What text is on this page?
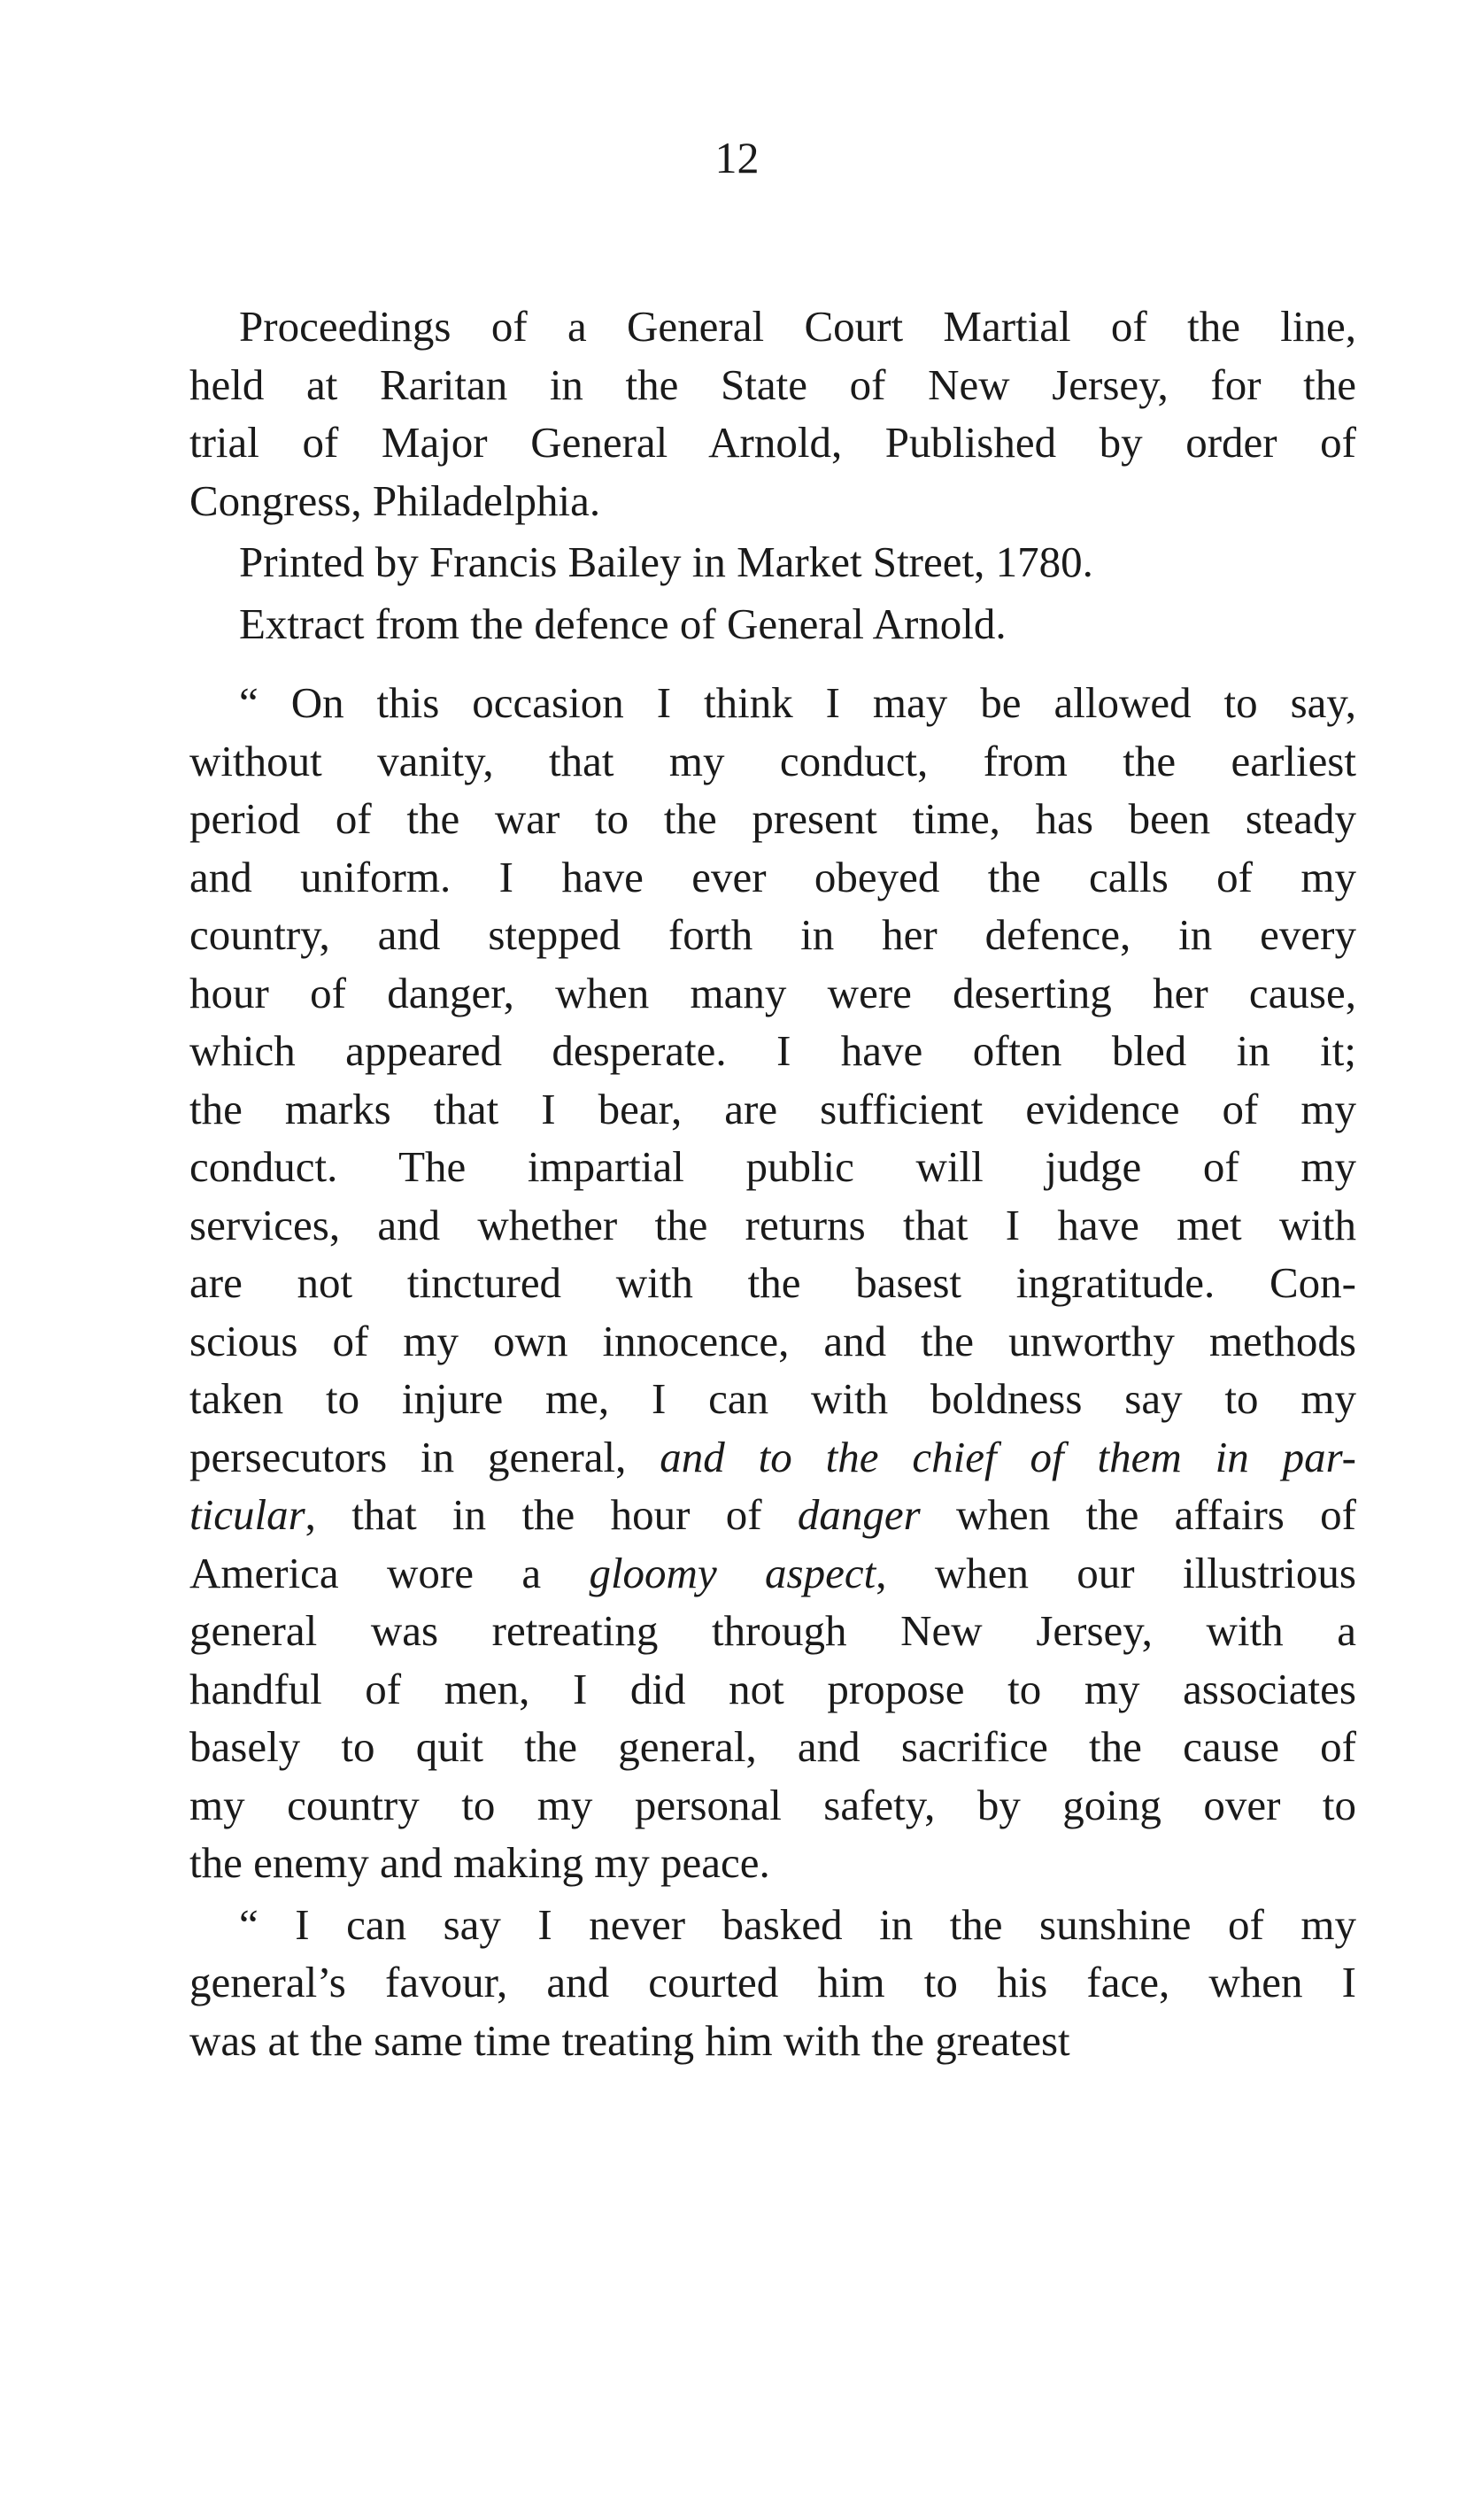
12

Proceedings of a General Court Martial of the line,
held at Raritan in the State of New Jersey, for the
trial of Major General Arnold, Published by order of
Congress, Philadelphia.

Printed by Francis Bailey in Market Street, 1780.

Extract from the defence of General Arnold.

“ On this occasion I think I may be allowed to say,
without vanity, that my conduct, from the earliest
period of the war to the present time, has been steady
and uniform. I have ever obeyed the calls of my
country, and stepped forth in her defence, in every
hour of danger, when many were deserting her cause,
which appeared desperate. I have often bled in it;
the marks that I bear, are sufficient evidence of my
conduct. The impartial public will judge of my
services, and whether the returns that I have met with
are not tinctured with the basest ingratitude. Con-
scious of my own innocence, and the unworthy methods
taken to injure me, I can with boldness say to my
persecutors in general, and to the chief of them in par-
ticular, that in the hour of danger when the affairs of
America wore a gloomy aspect, when our illustrious
general was retreating through New Jersey, with a
handful of men, I did not propose to my associates
basely to quit the general, and sacrifice the cause of
my country to my personal safety, by going over to
the enemy and making my peace.

“ I can say I never basked in the sunshine of my
general’s favour, and courted him to his face, when I
was at the same time treating him with the greatest
